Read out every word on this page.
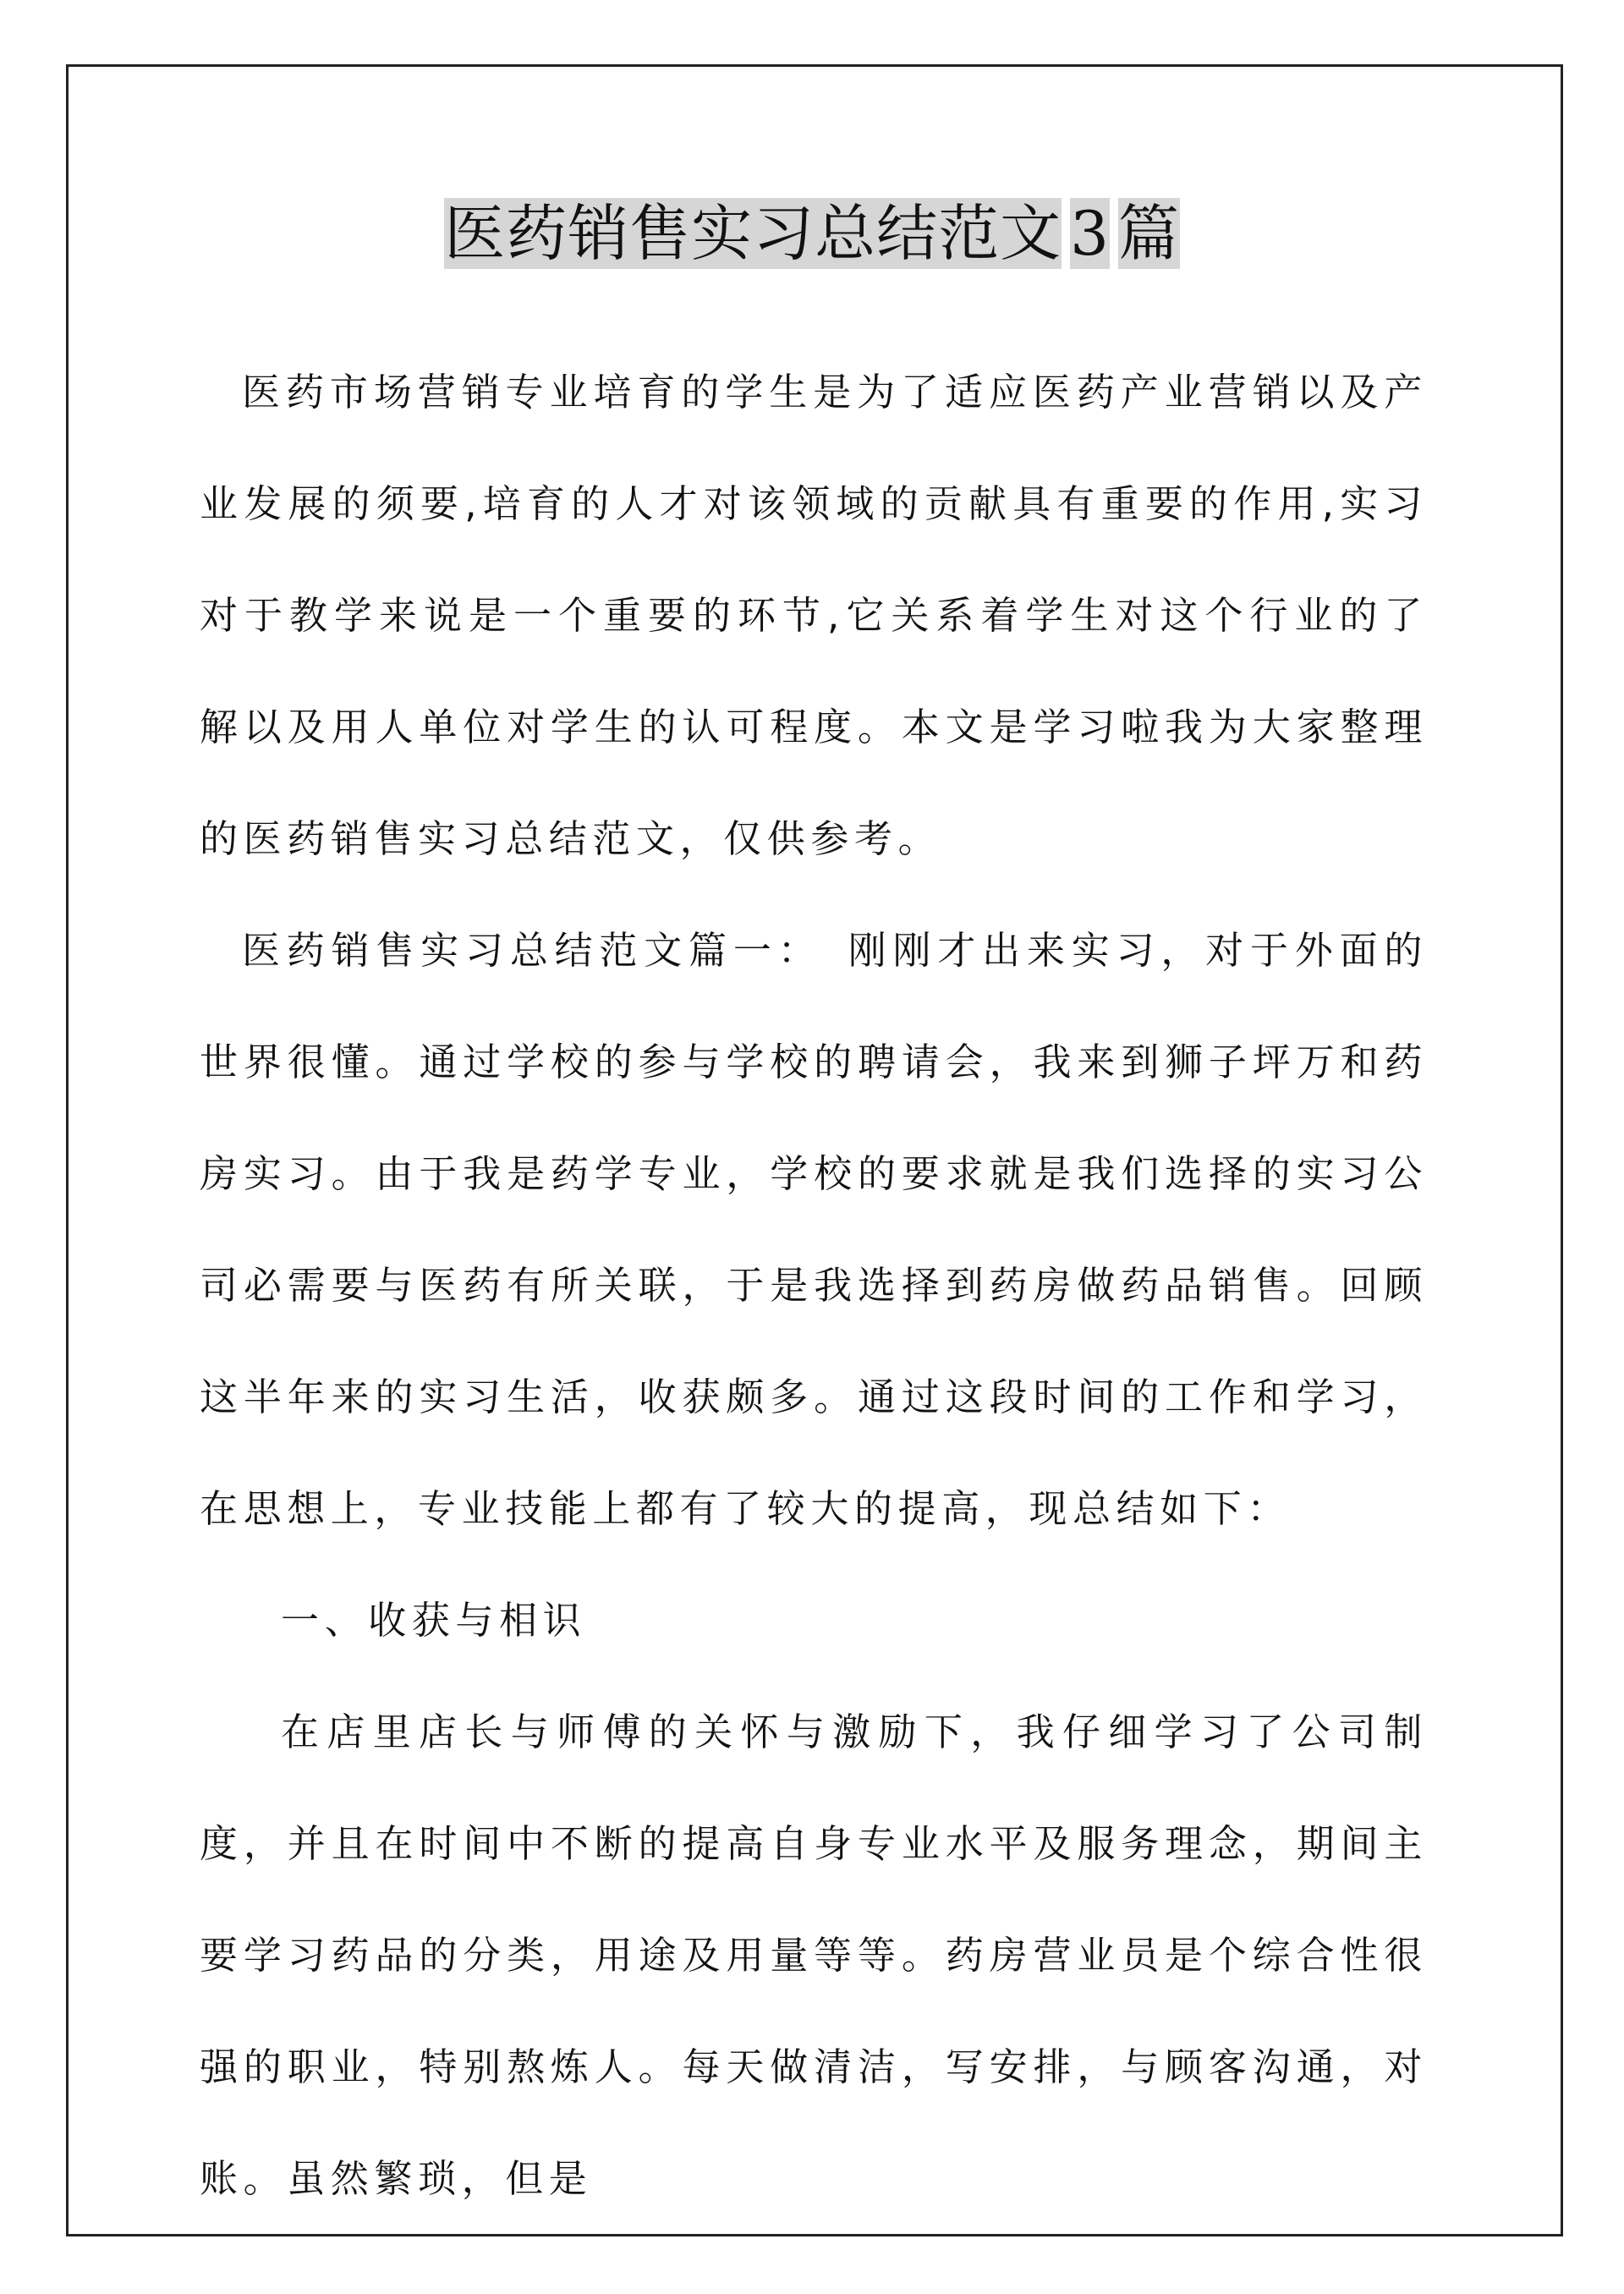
医药销售实习总结范文 3 篇

医药市场营销专业培育的学生是为了适应医药产业营销以及产业发展的须要,培育的人才对该领域的贡献具有重要的作用,实习对于教学来说是一个重要的环节,它关系着学生对这个行业的了解以及用人单位对学生的认可程度。本文是学习啦我为大家整理的医药销售实习总结范文，仅供参考。

医药销售实习总结范文篇一：　刚刚才出来实习，对于外面的世界很懂。通过学校的参与学校的聘请会，我来到狮子坪万和药房实习。由于我是药学专业，学校的要求就是我们选择的实习公司必需要与医药有所关联，于是我选择到药房做药品销售。回顾这半年来的实习生活，收获颇多。通过这段时间的工作和学习，在思想上，专业技能上都有了较大的提高，现总结如下：

一、收获与相识

在店里店长与师傅的关怀与激励下，我仔细学习了公司制度，并且在时间中不断的提高自身专业水平及服务理念，期间主要学习药品的分类，用途及用量等等。药房营业员是个综合性很强的职业，特别熬炼人。每天做清洁，写安排，与顾客沟通，对账。虽然繁琐，但是
